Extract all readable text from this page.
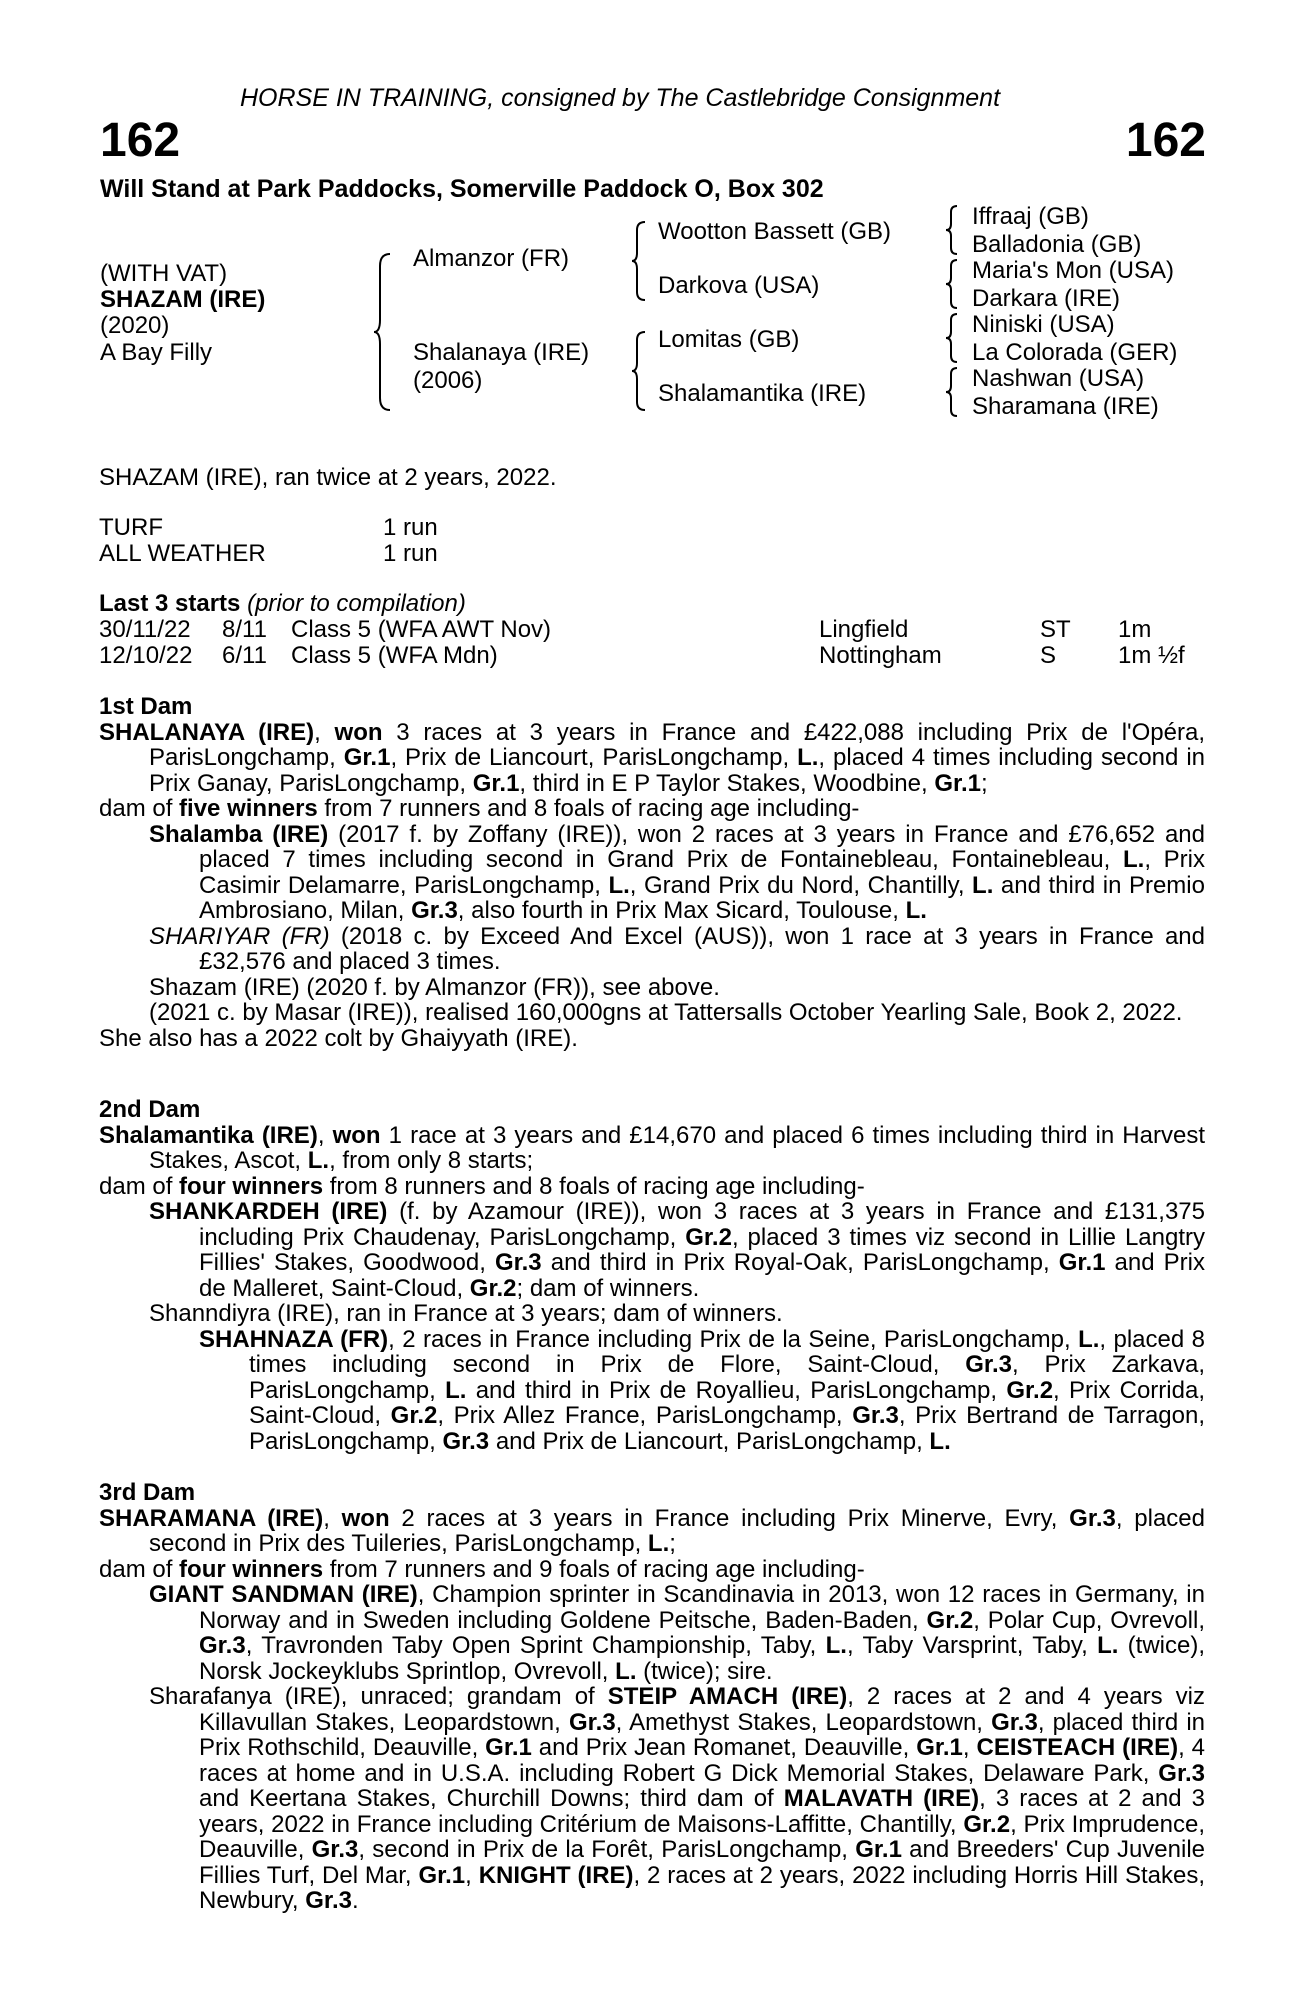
HORSE IN TRAINING, consigned by The Castlebridge Consignment
162	162
Will Stand at Park Paddocks, Somerville Paddock O, Box 302
(WITH VAT)
SHAZAM (IRE)
(2020)
A Bay Filly
Almanzor (FR)
Shalanaya (IRE)
(2006)
Wootton Bassett (GB)
Darkova (USA)
Lomitas (GB)
Shalamantika (IRE)
Iffraaj (GB)
Balladonia (GB)
Maria's Mon (USA)
Darkara (IRE)
Niniski (USA)
La Colorada (GER)
Nashwan (USA)
Sharamana (IRE)
SHAZAM (IRE), ran twice at 2 years, 2022.
TURF	1 run
ALL WEATHER	1 run
Last 3 starts (prior to compilation)
30/11/22 8/11 Class 5 (WFA AWT Nov)	Lingfield	ST 1m
12/10/22 6/11 Class 5 (WFA Mdn)	Nottingham	S	1m ½f

1st Dam

SHALANAYA (IRE), won 3 races at 3 years in France and £422,088 including Prix de l'Opéra, ParisLongchamp, Gr.1, Prix de Liancourt, ParisLongchamp, L., placed 4 times including second in Prix Ganay, ParisLongchamp, Gr.1, third in E P Taylor Stakes, Woodbine, Gr.1;

dam of five winners from 7 runners and 8 foals of racing age including-

Shalamba (IRE) (2017 f. by Zoffany (IRE)), won 2 races at 3 years in France and £76,652 and placed 7 times including second in Grand Prix de Fontainebleau, Fontainebleau, L., Prix Casimir Delamarre, ParisLongchamp, L., Grand Prix du Nord, Chantilly, L. and third in Premio Ambrosiano, Milan, Gr.3, also fourth in Prix Max Sicard, Toulouse, L.

SHARIYAR (FR) (2018 c. by Exceed And Excel (AUS)), won 1 race at 3 years in France and £32,576 and placed 3 times.

Shazam (IRE) (2020 f. by Almanzor (FR)), see above.

(2021 c. by Masar (IRE)), realised 160,000gns at Tattersalls October Yearling Sale, Book 2, 2022.

She also has a 2022 colt by Ghaiyyath (IRE).

2nd Dam

Shalamantika (IRE), won 1 race at 3 years and £14,670 and placed 6 times including third in Harvest Stakes, Ascot, L., from only 8 starts;

dam of four winners from 8 runners and 8 foals of racing age including-

SHANKARDEH (IRE) (f. by Azamour (IRE)), won 3 races at 3 years in France and £131,375 including Prix Chaudenay, ParisLongchamp, Gr.2, placed 3 times viz second in Lillie Langtry Fillies' Stakes, Goodwood, Gr.3 and third in Prix Royal-Oak, ParisLongchamp, Gr.1 and Prix de Malleret, Saint-Cloud, Gr.2; dam of winners.

Shanndiyra (IRE), ran in France at 3 years; dam of winners.

SHAHNAZA (FR), 2 races in France including Prix de la Seine, ParisLongchamp, L., placed 8 times including second in Prix de Flore, Saint-Cloud, Gr.3, Prix Zarkava, ParisLongchamp, L. and third in Prix de Royallieu, ParisLongchamp, Gr.2, Prix Corrida, Saint-Cloud, Gr.2, Prix Allez France, ParisLongchamp, Gr.3, Prix Bertrand de Tarragon, ParisLongchamp, Gr.3 and Prix de Liancourt, ParisLongchamp, L.

3rd Dam

SHARAMANA (IRE), won 2 races at 3 years in France including Prix Minerve, Evry, Gr.3, placed second in Prix des Tuileries, ParisLongchamp, L.;

dam of four winners from 7 runners and 9 foals of racing age including-

GIANT SANDMAN (IRE), Champion sprinter in Scandinavia in 2013, won 12 races in Germany, in Norway and in Sweden including Goldene Peitsche, Baden-Baden, Gr.2, Polar Cup, Ovrevoll, Gr.3, Travronden Taby Open Sprint Championship, Taby, L., Taby Varsprint, Taby, L. (twice), Norsk Jockeyklubs Sprintlop, Ovrevoll, L. (twice); sire.

Sharafanya (IRE), unraced; grandam of STEIP AMACH (IRE), 2 races at 2 and 4 years viz Killavullan Stakes, Leopardstown, Gr.3, Amethyst Stakes, Leopardstown, Gr.3, placed third in Prix Rothschild, Deauville, Gr.1 and Prix Jean Romanet, Deauville, Gr.1, CEISTEACH (IRE), 4 races at home and in U.S.A. including Robert G Dick Memorial Stakes, Delaware Park, Gr.3 and Keertana Stakes, Churchill Downs; third dam of MALAVATH (IRE), 3 races at 2 and 3 years, 2022 in France including Critérium de Maisons-Laffitte, Chantilly, Gr.2, Prix Imprudence, Deauville, Gr.3, second in Prix de la Forêt, ParisLongchamp, Gr.1 and Breeders' Cup Juvenile Fillies Turf, Del Mar, Gr.1, KNIGHT (IRE), 2 races at 2 years, 2022 including Horris Hill Stakes, Newbury, Gr.3.
